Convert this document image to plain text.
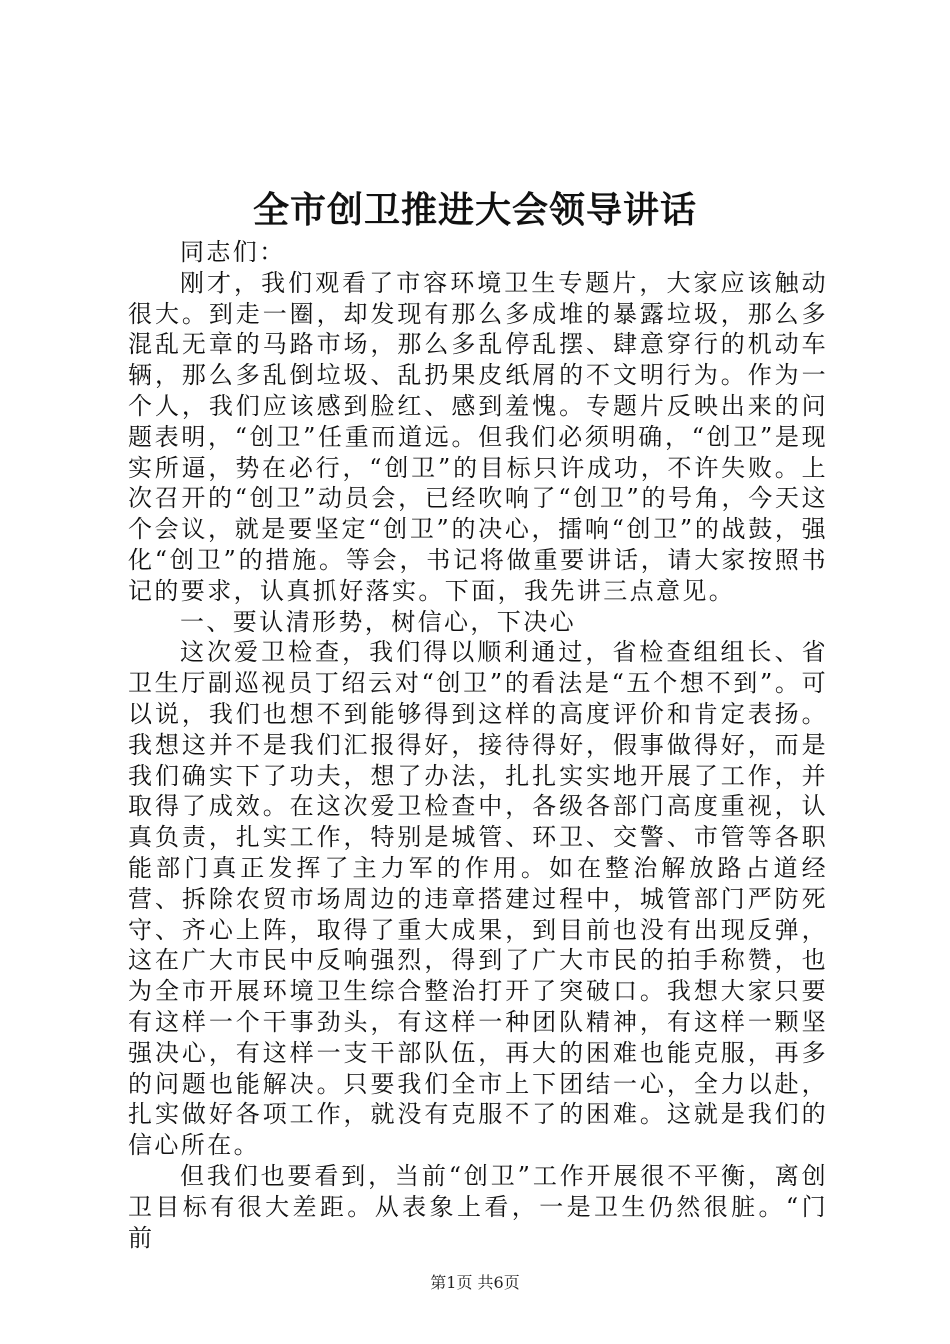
全市创卫推进大会领导讲话

同志们：

刚才，我们观看了市容环境卫生专题片，大家应该触动很大。到走一圈，却发现有那么多成堆的暴露垃圾，那么多混乱无章的马路市场，那么多乱停乱摆、肆意穿行的机动车辆，那么多乱倒垃圾、乱扔果皮纸屑的不文明行为。作为一个人，我们应该感到脸红、感到羞愧。专题片反映出来的问题表明，“创卫”任重而道远。但我们必须明确，“创卫”是现实所逼，势在必行，“创卫”的目标只许成功，不许失败。上次召开的“创卫”动员会，已经吹响了“创卫”的号角，今天这个会议，就是要坚定“创卫”的决心，擂响“创卫”的战鼓，强化“创卫”的措施。等会，书记将做重要讲话，请大家按照书记的要求，认真抓好落实。下面，我先讲三点意见。

一、要认清形势，树信心，下决心

这次爱卫检查，我们得以顺利通过，省检查组组长、省卫生厅副巡视员丁绍云对“创卫”的看法是“五个想不到”。可以说，我们也想不到能够得到这样的高度评价和肯定表扬。我想这并不是我们汇报得好，接待得好，假事做得好，而是我们确实下了功夫，想了办法，扎扎实实地开展了工作，并取得了成效。在这次爱卫检查中，各级各部门高度重视，认真负责，扎实工作，特别是城管、环卫、交警、市管等各职能部门真正发挥了主力军的作用。如在整治解放路占道经营、拆除农贸市场周边的违章搭建过程中，城管部门严防死守、齐心上阵，取得了重大成果，到目前也没有出现反弹，这在广大市民中反响强烈，得到了广大市民的拍手称赞，也为全市开展环境卫生综合整治打开了突破口。我想大家只要有这样一个干事劲头，有这样一种团队精神，有这样一颗坚强决心，有这样一支干部队伍，再大的困难也能克服，再多的问题也能解决。只要我们全市上下团结一心，全力以赴，扎实做好各项工作，就没有克服不了的困难。这就是我们的信心所在。

但我们也要看到，当前“创卫”工作开展很不平衡，离创卫目标有很大差距。从表象上看，一是卫生仍然很脏。“门前

第1页 共6页
